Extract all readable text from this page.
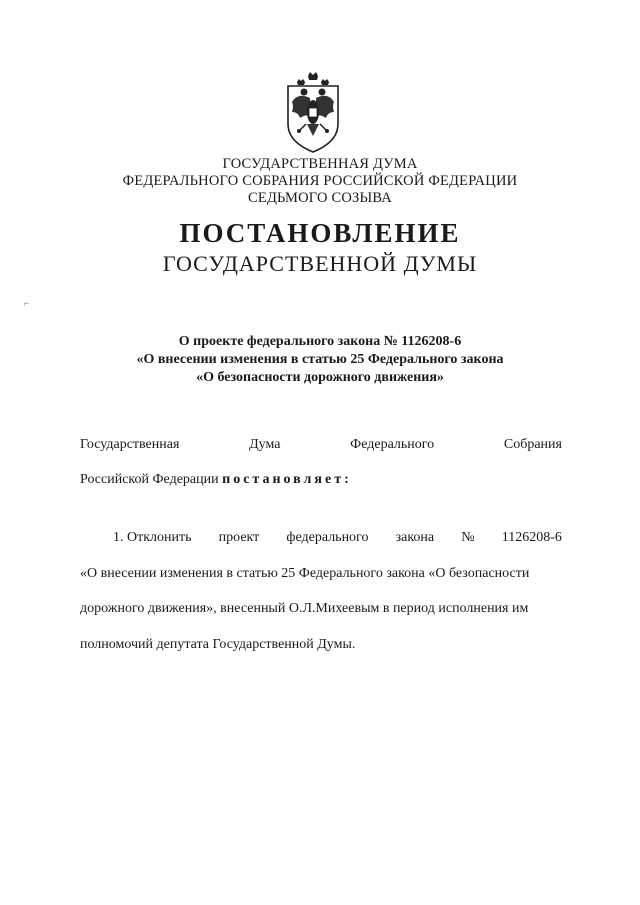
ГОСУДАРСТВЕННАЯ ДУМА
ФЕДЕРАЛЬНОГО СОБРАНИЯ РОССИЙСКОЙ ФЕДЕРАЦИИ
СЕДЬМОГО СОЗЫВА
ПОСТАНОВЛЕНИЕ
ГОСУДАРСТВЕННОЙ ДУМЫ
⌐
О проекте федерального закона № 1126208-6
«О внесении изменения в статью 25 Федерального закона
«О безопасности дорожного движения»
Государственная	Дума	Федерального	Собрания
Российской Федерации постановляет:
1. Отклонить проект федерального закона № 1126208-6
«О внесении изменения в статью 25 Федерального закона «О безопасности
дорожного движения», внесенный О.Л.Михеевым в период исполнения им
полномочий депутата Государственной Думы.
